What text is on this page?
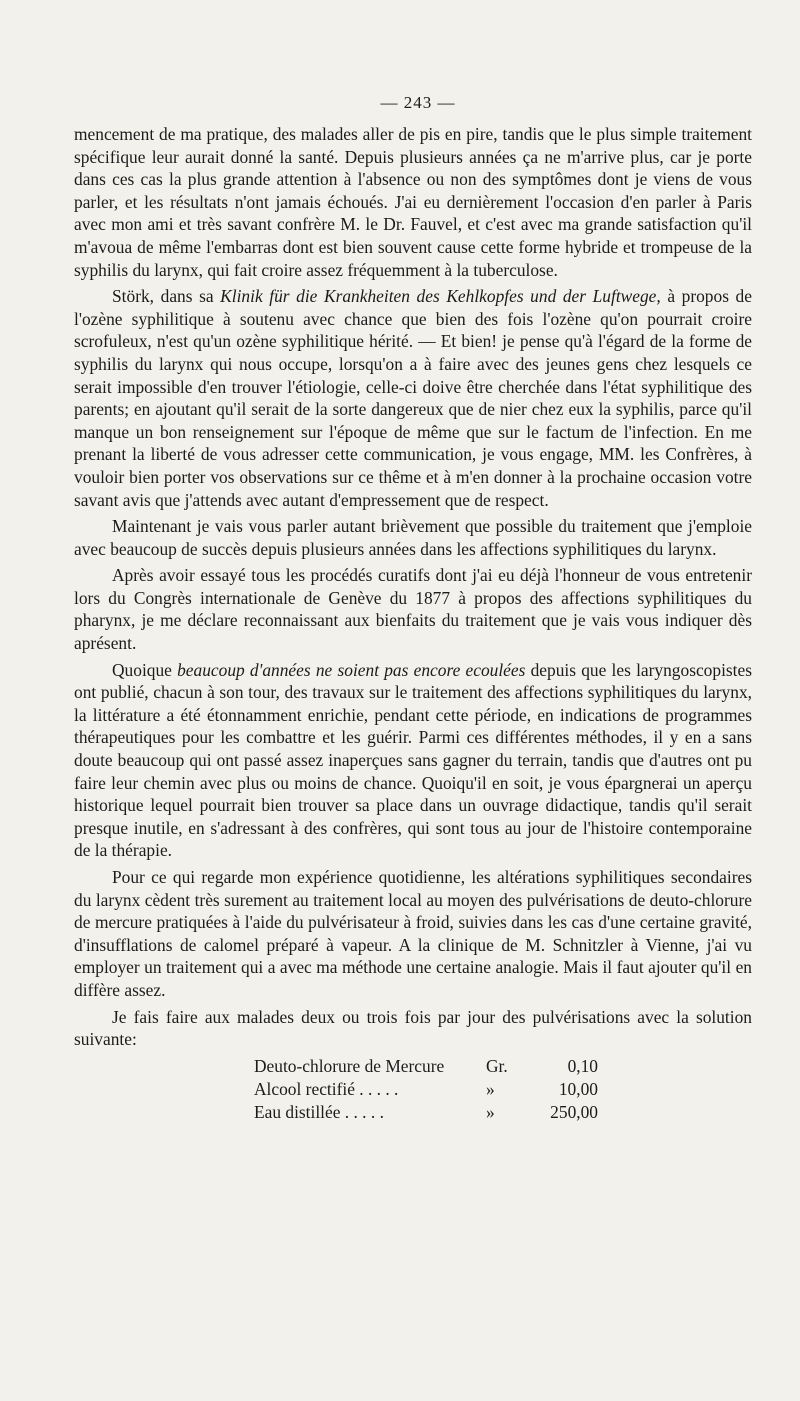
— 243 —

mencement de ma pratique, des malades aller de pis en pire, tandis que le plus simple traitement spécifique leur aurait donné la santé. Depuis plusieurs années ça ne m'arrive plus, car je porte dans ces cas la plus grande attention à l'absence ou non des symptômes dont je viens de vous parler, et les résultats n'ont jamais échoués. J'ai eu dernièrement l'occasion d'en parler à Paris avec mon ami et très savant confrère M. le Dr. Fauvel, et c'est avec ma grande satisfaction qu'il m'avoua de même l'embarras dont est bien souvent cause cette forme hybride et trompeuse de la syphilis du larynx, qui fait croire assez fréquemment à la tuberculose.

Störk, dans sa Klinik für die Krankheiten des Kehlkopfes und der Luftwege, à propos de l'ozène syphilitique à soutenu avec chance que bien des fois l'ozène qu'on pourrait croire scrofuleux, n'est qu'un ozène syphilitique hérité. — Et bien! je pense qu'à l'égard de la forme de syphilis du larynx qui nous occupe, lorsqu'on a à faire avec des jeunes gens chez lesquels ce serait impossible d'en trouver l'étiologie, celle-ci doive être cherchée dans l'état syphilitique des parents; en ajoutant qu'il serait de la sorte dangereux que de nier chez eux la syphilis, parce qu'il manque un bon renseignement sur l'époque de même que sur le factum de l'infection. En me prenant la liberté de vous adresser cette communication, je vous engage, MM. les Confrères, à vouloir bien porter vos observations sur ce thême et à m'en donner à la prochaine occasion votre savant avis que j'attends avec autant d'empressement que de respect.

Maintenant je vais vous parler autant brièvement que possible du traitement que j'emploie avec beaucoup de succès depuis plusieurs années dans les affections syphilitiques du larynx.

Après avoir essayé tous les procédés curatifs dont j'ai eu déjà l'honneur de vous entretenir lors du Congrès internationale de Genève du 1877 à propos des affections syphilitiques du pharynx, je me déclare reconnaissant aux bienfaits du traitement que je vais vous indiquer dès aprésent.

Quoique beaucoup d'années ne soient pas encore ecoulées depuis que les laryngoscopistes ont publié, chacun à son tour, des travaux sur le traitement des affections syphilitiques du larynx, la littérature a été étonnamment enrichie, pendant cette période, en indications de programmes thérapeutiques pour les combattre et les guérir. Parmi ces différentes méthodes, il y en a sans doute beaucoup qui ont passé assez inaperçues sans gagner du terrain, tandis que d'autres ont pu faire leur chemin avec plus ou moins de chance. Quoiqu'il en soit, je vous épargnerai un aperçu historique lequel pourrait bien trouver sa place dans un ouvrage didactique, tandis qu'il serait presque inutile, en s'adressant à des confrères, qui sont tous au jour de l'histoire contemporaine de la thérapie.

Pour ce qui regarde mon expérience quotidienne, les altérations syphilitiques secondaires du larynx cèdent très surement au traitement local au moyen des pulvérisations de deuto-chlorure de mercure pratiquées à l'aide du pulvérisateur à froid, suivies dans les cas d'une certaine gravité, d'insufflations de calomel préparé à vapeur. A la clinique de M. Schnitzler à Vienne, j'ai vu employer un traitement qui a avec ma méthode une certaine analogie. Mais il faut ajouter qu'il en diffère assez.

Je fais faire aux malades deux ou trois fois par jour des pulvérisations avec la solution suivante:

Deuto-chlorure de Mercure	Gr.	0,10
Alcool rectifié . . . . .	»	10,00
Eau distillée . . . . .	»	250,00
